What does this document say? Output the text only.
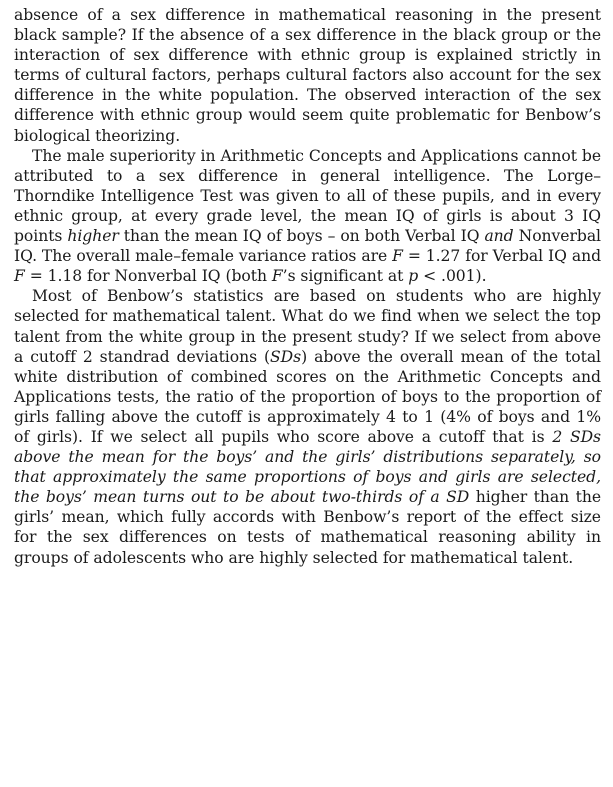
absence of a sex difference in mathematical reasoning in the present black sample? If the absence of a sex difference in the black group or the interaction of sex difference with ethnic group is explained strictly in terms of cultural factors, perhaps cultural factors also account for the sex difference in the white population. The observed interaction of the sex difference with ethnic group would seem quite problematic for Benbow’s biological theorizing.

The male superiority in Arithmetic Concepts and Applications cannot be attributed to a sex difference in general intelligence. The Lorge–Thorndike Intelligence Test was given to all of these pupils, and in every ethnic group, at every grade level, the mean IQ of girls is about 3 IQ points higher than the mean IQ of boys – on both Verbal IQ and Nonverbal IQ. The overall male–female variance ratios are F = 1.27 for Verbal IQ and F = 1.18 for Nonverbal IQ (both F’s significant at p < .001).

Most of Benbow’s statistics are based on students who are highly selected for mathematical talent. What do we find when we select the top talent from the white group in the present study? If we select from above a cutoff 2 standrad deviations (SDs) above the overall mean of the total white distribution of combined scores on the Arithmetic Concepts and Applications tests, the ratio of the proportion of boys to the proportion of girls falling above the cutoff is approximately 4 to 1 (4% of boys and 1% of girls). If we select all pupils who score above a cutoff that is 2 SDs above the mean for the boys’ and the girls’ distributions separately, so that approximately the same proportions of boys and girls are selected, the boys’ mean turns out to be about two-thirds of a SD higher than the girls’ mean, which fully accords with Benbow’s report of the effect size for the sex differences on tests of mathematical reasoning ability in groups of adolescents who are highly selected for mathematical talent.
